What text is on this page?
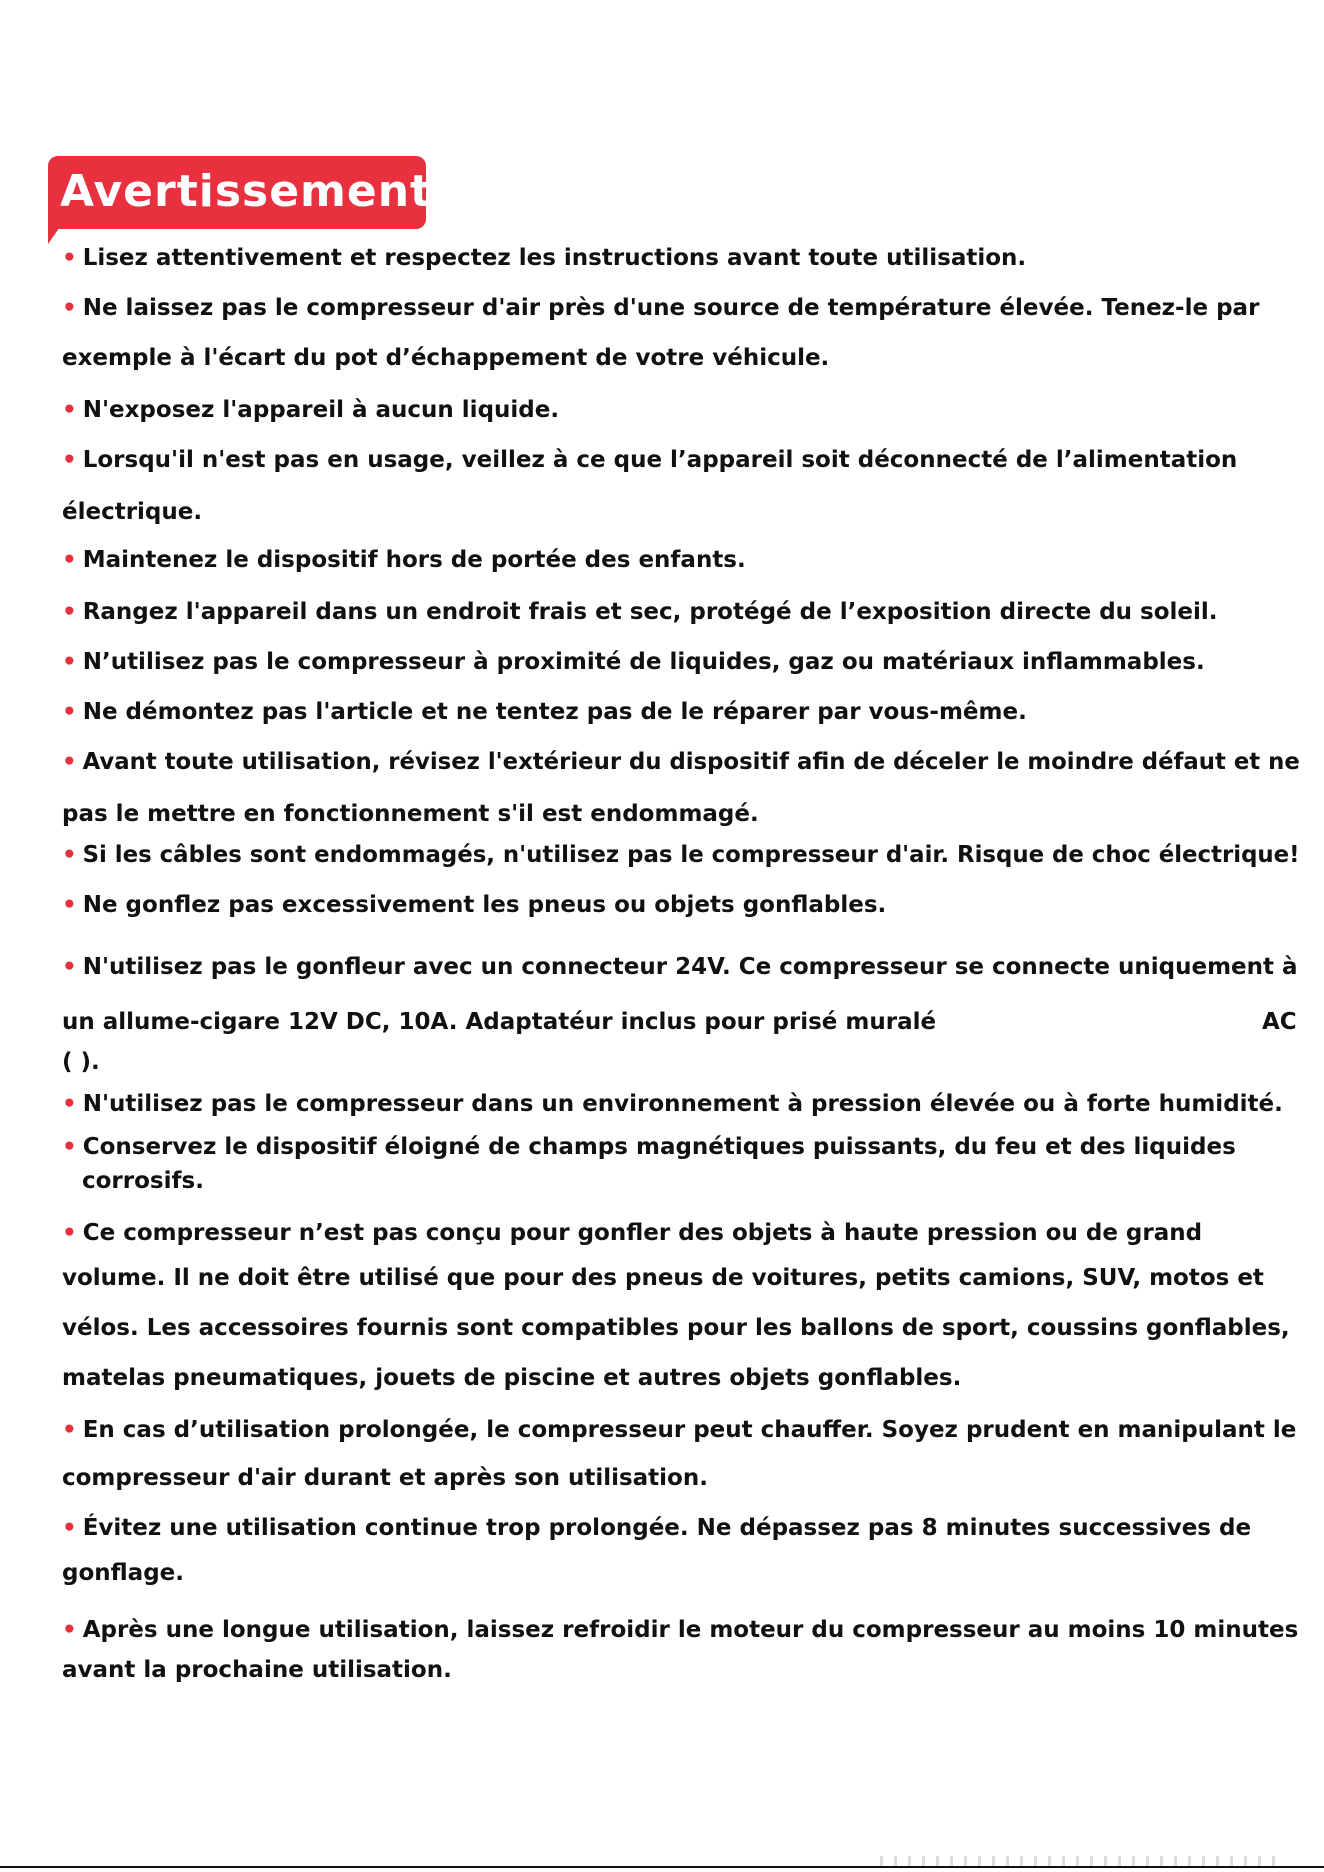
Avertissements
• Lisez attentivement et respectez les instructions avant toute utilisation.
• Ne laissez pas le compresseur d'air près d'une source de température élevée. Tenez-le par
exemple à l'écart du pot d’échappement de votre véhicule.
• N'exposez l'appareil à aucun liquide.
• Lorsqu'il n'est pas en usage, veillez à ce que l’appareil soit déconnecté de l’alimentation
électrique.
• Maintenez le dispositif hors de portée des enfants.
• Rangez l'appareil dans un endroit frais et sec, protégé de l’exposition directe du soleil.
• N’utilisez pas le compresseur à proximité de liquides, gaz ou matériaux inflammables.
• Ne démontez pas l'article et ne tentez pas de le réparer par vous-même.
• Avant toute utilisation, révisez l'extérieur du dispositif afin de déceler le moindre défaut et ne
pas le mettre en fonctionnement s'il est endommagé.
• Si les câbles sont endommagés, n'utilisez pas le compresseur d'air. Risque de choc électrique!
• Ne gonflez pas excessivement les pneus ou objets gonflables.
• N'utilisez pas le gonfleur avec un connecteur 24V. Ce compresseur se connecte uniquement à
un allume-cigare 12V DC, 10A. Adaptatéur inclus pour prisé muralé	AC
( ).
• N'utilisez pas le compresseur dans un environnement à pression élevée ou à forte humidité.
• Conservez le dispositif éloigné de champs magnétiques puissants, du feu et des liquides
corrosifs.
• Ce compresseur n’est pas conçu pour gonfler des objets à haute pression ou de grand
volume. Il ne doit être utilisé que pour des pneus de voitures, petits camions, SUV, motos et
vélos. Les accessoires fournis sont compatibles pour les ballons de sport, coussins gonflables,
matelas pneumatiques, jouets de piscine et autres objets gonflables.
• En cas d’utilisation prolongée, le compresseur peut chauffer. Soyez prudent en manipulant le
compresseur d'air durant et après son utilisation.
• Évitez une utilisation continue trop prolongée. Ne dépassez pas 8 minutes successives de
gonflage.
• Après une longue utilisation, laissez refroidir le moteur du compresseur au moins 10 minutes
avant la prochaine utilisation.
